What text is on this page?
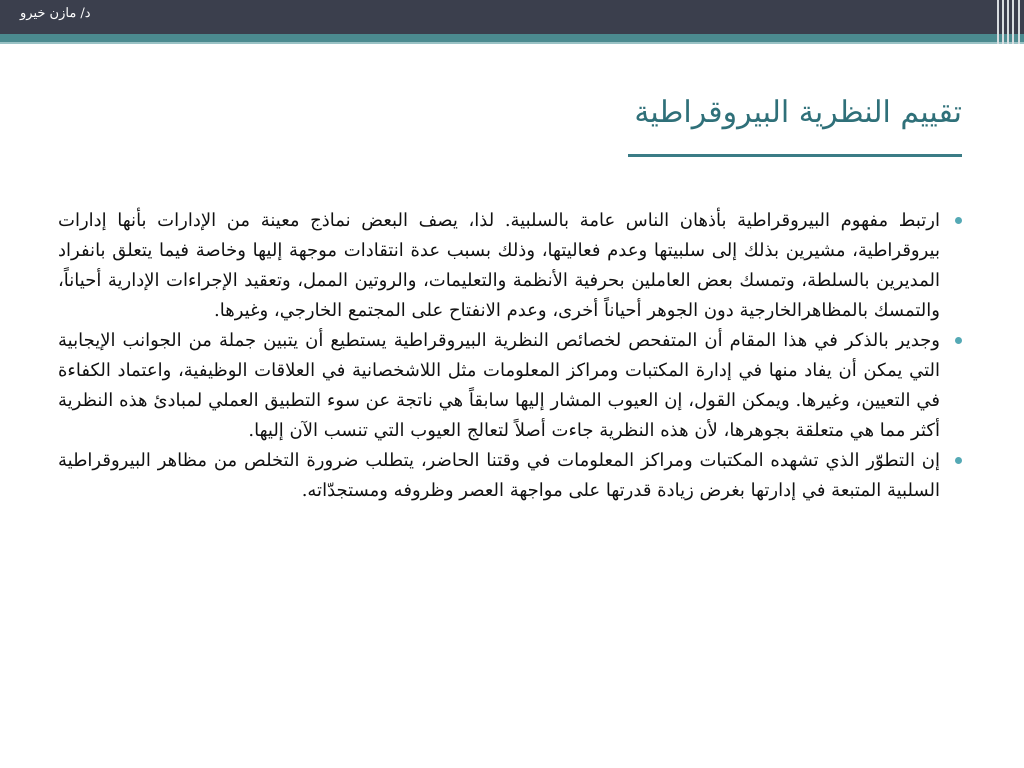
د/ مازن خيرو
تقييم النظرية البيروقراطية
ارتبط مفهوم البيروقراطية بأذهان الناس عامة بالسلبية. لذا، يصف البعض نماذج معينة من الإدارات بأنها إدارات بيروقراطية، مشيرين بذلك إلى سلبيتها وعدم فعاليتها، وذلك بسبب عدة انتقادات موجهة إليها وخاصة فيما يتعلق بانفراد المديرين بالسلطة، وتمسك بعض العاملين بحرفية الأنظمة والتعليمات، والروتين الممل، وتعقيد الإجراءات الإدارية أحياناً، والتمسك بالمظاهرالخارجية دون الجوهر أحياناً أخرى، وعدم الانفتاح على المجتمع الخارجي، وغيرها.
وجدير بالذكر في هذا المقام أن المتفحص لخصائص النظرية البيروقراطية يستطيع أن يتبين جملة من الجوانب الإيجابية التي يمكن أن يفاد منها في إدارة المكتبات ومراكز المعلومات مثل اللاشخصانية في العلاقات الوظيفية، واعتماد الكفاءة في التعيين، وغيرها. ويمكن القول، إن العيوب المشار إليها سابقاً هي ناتجة عن سوء التطبيق العملي لمبادئ هذه النظرية أكثر مما هي متعلقة بجوهرها، لأن هذه النظرية جاءت أصلاً لتعالج العيوب التي تنسب الآن إليها.
إن التطوّر الذي تشهده المكتبات ومراكز المعلومات في وقتنا الحاضر، يتطلب ضرورة التخلص من مظاهر البيروقراطية السلبية المتبعة في إدارتها بغرض زيادة قدرتها على مواجهة العصر وظروفه ومستجدّاته.
